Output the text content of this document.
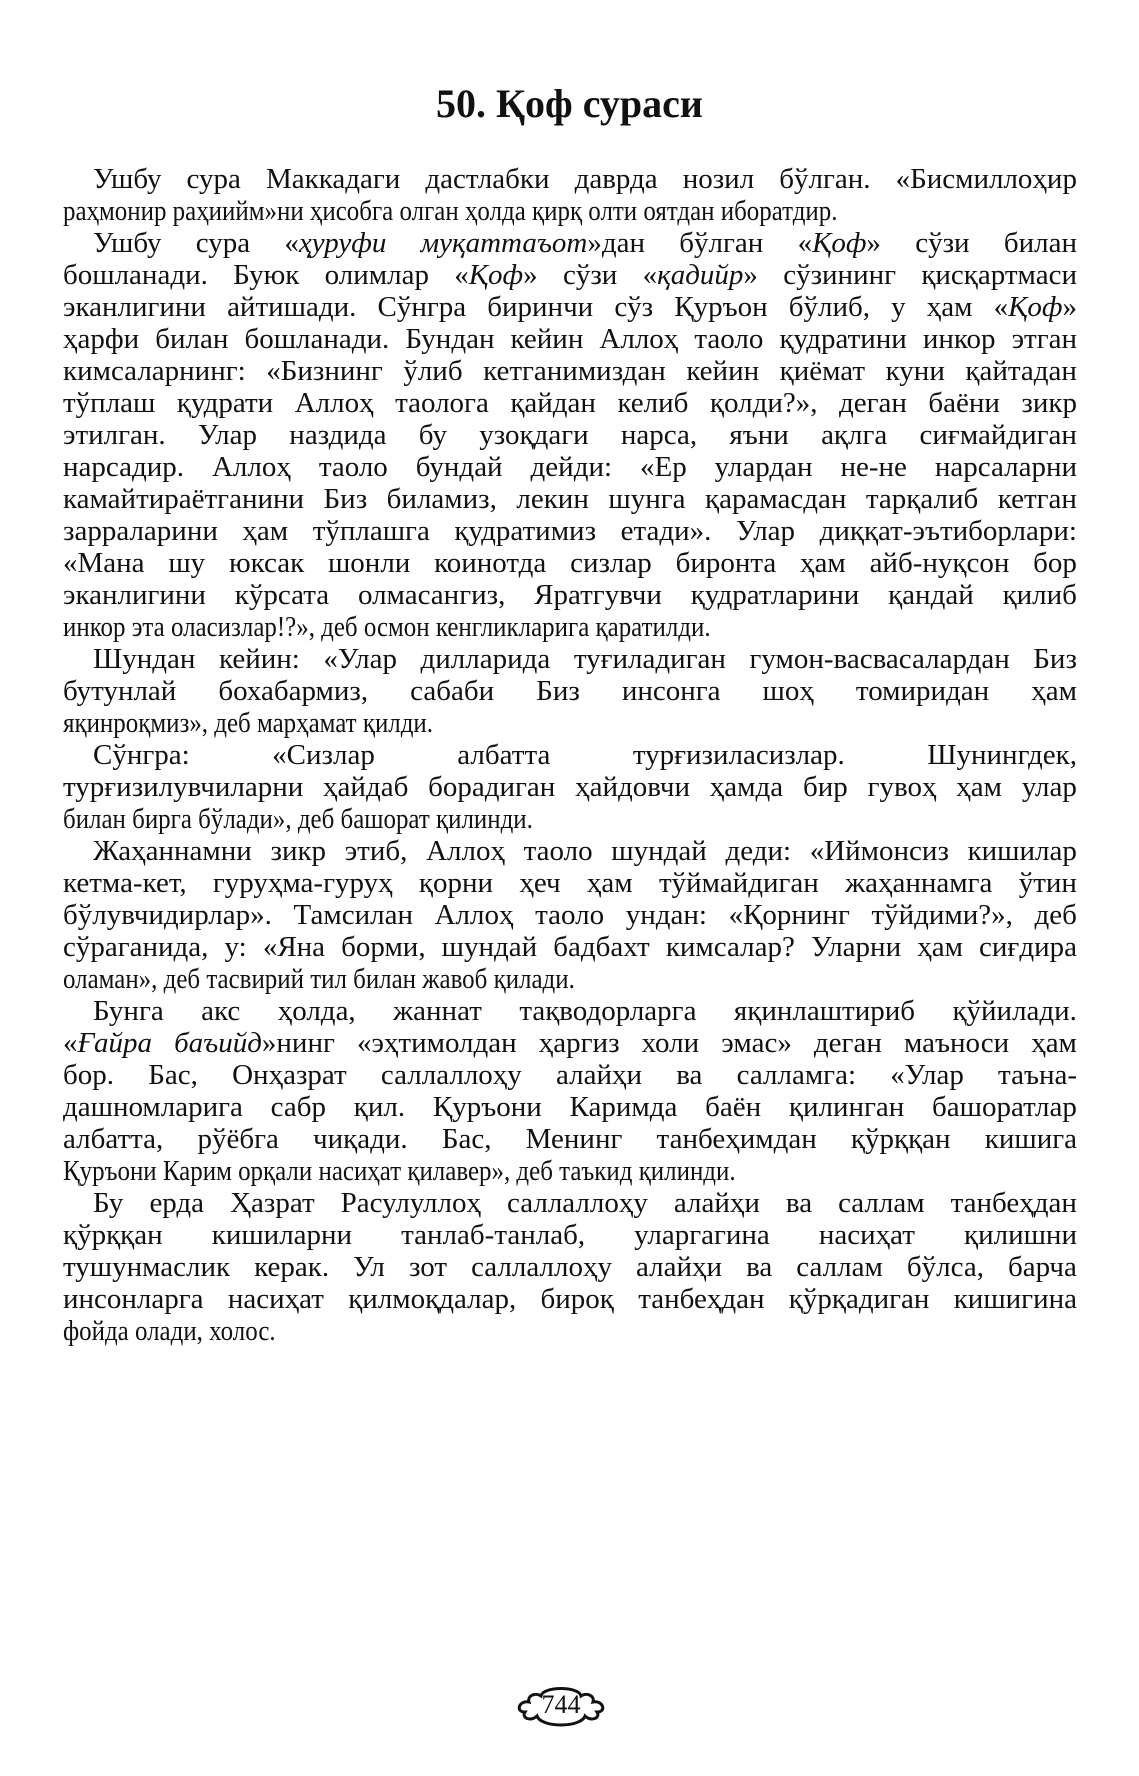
50. Қоф сураси
Ушбу сура Маккадаги дастлабки даврда нозил бўлган. «Бисмиллоҳир
раҳмонир раҳиийм»ни ҳисобга олган ҳолда қирқ олти оятдан иборатдир.
Ушбу сура «ҳуруфи муқаттаъот»дан бўлган «Қоф» сўзи билан
бошланади. Буюк олимлар «Қоф» сўзи «қадийр» сўзининг қисқартмаси
эканлигини айтишади. Сўнгра биринчи сўз Қуръон бўлиб, у ҳам «Қоф»
ҳарфи билан бошланади. Бундан кейин Аллоҳ таоло қудратини инкор этган
кимсаларнинг: «Бизнинг ўлиб кетганимиздан кейин қиёмат куни қайтадан
тўплаш қудрати Аллоҳ таолога қайдан келиб қолди?», деган баёни зикр
этилган. Улар наздида бу узоқдаги нарса, яъни ақлга сиғмайдиган
нарсадир. Аллоҳ таоло бундай дейди: «Ер улардан не-не нарсаларни
камайтираётганини Биз биламиз, лекин шунга қарамасдан тарқалиб кетган
зарраларини ҳам тўплашга қудратимиз етади». Улар диққат-эътиборлари:
«Мана шу юксак шонли коинотда сизлар биронта ҳам айб-нуқсон бор
эканлигини кўрсата олмасангиз, Яратгувчи қудратларини қандай қилиб
инкор эта оласизлар!?», деб осмон кенгликларига қаратилди.
Шундан кейин: «Улар дилларида туғиладиган гумон-васвасалардан Биз
бутунлай бохабармиз, сабаби Биз инсонга шоҳ томиридан ҳам
яқинроқмиз», деб марҳамат қилди.
Сўнгра:	«Сизлар	албатта	турғизиласизлар.	Шунингдек,
турғизилувчиларни ҳайдаб борадиган ҳайдовчи ҳамда бир гувоҳ ҳам улар
билан бирга бўлади», деб башорат қилинди.
Жаҳаннамни зикр этиб, Аллоҳ таоло шундай деди: «Иймонсиз кишилар
кетма-кет, гуруҳма-гуруҳ қорни ҳеч ҳам тўймайдиган жаҳаннамга ўтин
бўлувчидирлар». Тамсилан Аллоҳ таоло ундан: «Қорнинг тўйдими?», деб
сўраганида, у: «Яна борми, шундай бадбахт кимсалар? Уларни ҳам сиғдира
оламан», деб тасвирий тил билан жавоб қилади.
Бунга акс ҳолда, жаннат тақводорларга яқинлаштириб қўйилади.
«Ғайра баъийд»нинг «эҳтимолдан ҳаргиз холи эмас» деган маъноси ҳам
бор. Бас, Онҳазрат саллаллоҳу алайҳи ва салламга: «Улар таъна-
дашномларига сабр қил. Қуръони Каримда баён қилинган башоратлар
албатта, рўёбга чиқади. Бас, Менинг танбеҳимдан қўрққан кишига
Қуръони Карим орқали насиҳат қилавер», деб таъкид қилинди.
Бу ерда Ҳазрат Расулуллоҳ саллаллоҳу алайҳи ва саллам танбеҳдан
қўрққан кишиларни танлаб-танлаб, уларгагина насиҳат қилишни
тушунмаслик керак. Ул зот саллаллоҳу алайҳи ва саллам бўлса, барча
инсонларга насиҳат қилмоқдалар, бироқ танбеҳдан қўрқадиган кишигина
фойда олади, холос.
744
